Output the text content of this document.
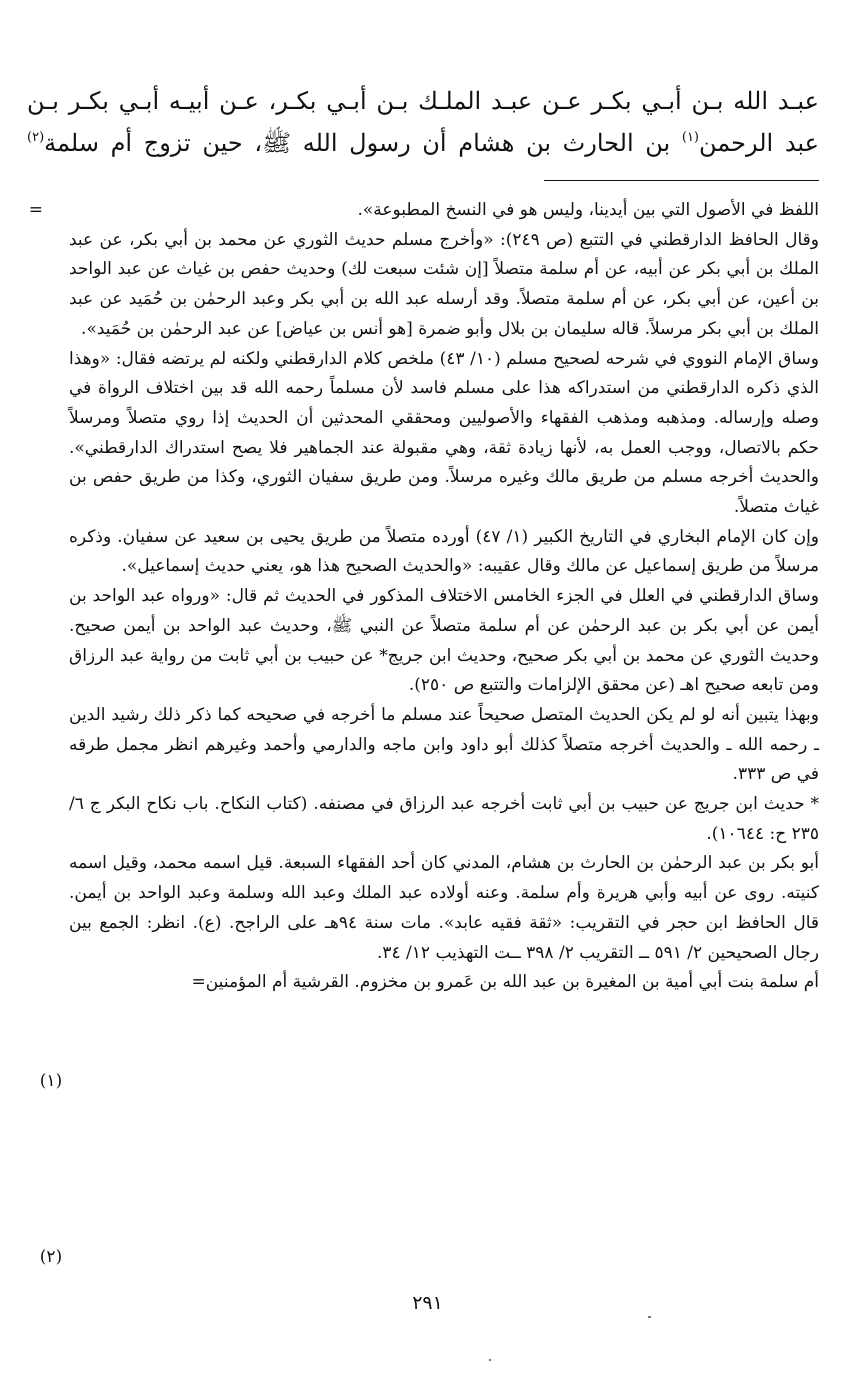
عبـد الله بـن أبـي بكـر عـن عبـد الملـك بـن أبـي بكـر، عـن أبيـه أبـي بكـر بـن
عبد الرحمن$^{(١)}$ بن الحارث بن هشام أن رسول الله ﷺ، حين تزوج أم سلمة$^{(٢)}$
=	اللفظ في الأصول التي بين أيدينا، وليس هو في النسخ المطبوعة».

وقال الحافظ الدارقطني في التتبع (ص ٢٤٩): «وأخرج مسلم حديث الثوري عن محمد بن أبي بكر، عن عبد الملك بن أبي بكر عن أبيه، عن أم سلمة متصلاً [إن شئت سبعت لك) وحديث حفص بن غياث عن عبد الواحد بن أعين، عن أبي بكر، عن أم سلمة متصلاً. وقد أرسله عبد الله بن أبي بكر وعبد الرحمٰن بن حُمَيد عن عبد الملك بن أبي بكر مرسلاً. قاله سليمان بن بلال وأبو ضمرة [هو أنس بن عياض] عن عبد الرحمٰن بن حُمَيد».

وساق الإمام النووي في شرحه لصحيح مسلم (١٠/ ٤٣) ملخص كلام الدارقطني ولكنه لم يرتضه فقال: «وهذا الذي ذكره الدارقطني من استدراكه هذا على مسلم فاسد لأن مسلماً رحمه الله قد بين اختلاف الرواة في وصله وإرساله. ومذهبه ومذهب الفقهاء والأصوليين ومحققي المحدثين أن الحديث إذا روي متصلاً ومرسلاً حكم بالاتصال، ووجب العمل به، لأنها زيادة ثقة، وهي مقبولة عند الجماهير فلا يصح استدراك الدارقطني». والحديث أخرجه مسلم من طريق مالك وغيره مرسلاً. ومن طريق سفيان الثوري، وكذا من طريق حفص بن غياث متصلاً.

وإن كان الإمام البخاري في التاريخ الكبير (١/ ٤٧) أورده متصلاً من طريق يحيى بن سعيد عن سفيان. وذكره مرسلاً من طريق إسماعيل عن مالك وقال عقيبه: «والحديث الصحيح هذا هو، يعني حديث إسماعيل».

وساق الدارقطني في العلل في الجزء الخامس الاختلاف المذكور في الحديث ثم قال: «ورواه عبد الواحد بن أيمن عن أبي بكر بن عبد الرحمٰن عن أم سلمة متصلاً عن النبي ﷺ، وحديث عبد الواحد بن أيمن صحيح. وحديث الثوري عن محمد بن أبي بكر صحيح، وحديث ابن جريج* عن حبيب بن أبي ثابت من رواية عبد الرزاق ومن تابعه صحيح اهـ (عن محقق الإلزامات والتتبع ص ٢٥٠).

وبهذا يتبين أنه لو لم يكن الحديث المتصل صحيحاً عند مسلم ما أخرجه في صحيحه كما ذكر ذلك رشيد الدين ـ رحمه الله ـ والحديث أخرجه متصلاً كذلك أبو داود وابن ماجه والدارمي وأحمد وغيرهم انظر مجمل طرقه في ص ٣٣٣.

* حديث ابن جريج عن حبيب بن أبي ثابت أخرجه عبد الرزاق في مصنفه. (كتاب النكاح. باب نكاح البكر ج ٦/ ٢٣٥ ح: ١٠٦٤٤).

أبو بكر بن عبد الرحمٰن بن الحارث بن هشام، المدني كان أحد الفقهاء السبعة. قيل اسمه محمد، وقيل اسمه كنيته. روى عن أبيه وأبي هريرة وأم سلمة. وعنه أولاده عبد الملك وعبد الله وسلمة وعبد الواحد بن أيمن. قال الحافظ ابن حجر في التقريب: «ثقة فقيه عابد». مات سنة ٩٤هـ على الراجح. (ع). انظر: الجمع بين رجال الصحيحين ٢/ ٥٩١ ــ التقريب ٢/ ٣٩٨ ــت التهذيب ١٢/ ٣٤.

أم سلمة بنت أبي أمية بن المغيرة بن عبد الله بن عَمرو بن مخزوم. القرشية أم المؤمنين=

(١)
(٢)
٢٩١
